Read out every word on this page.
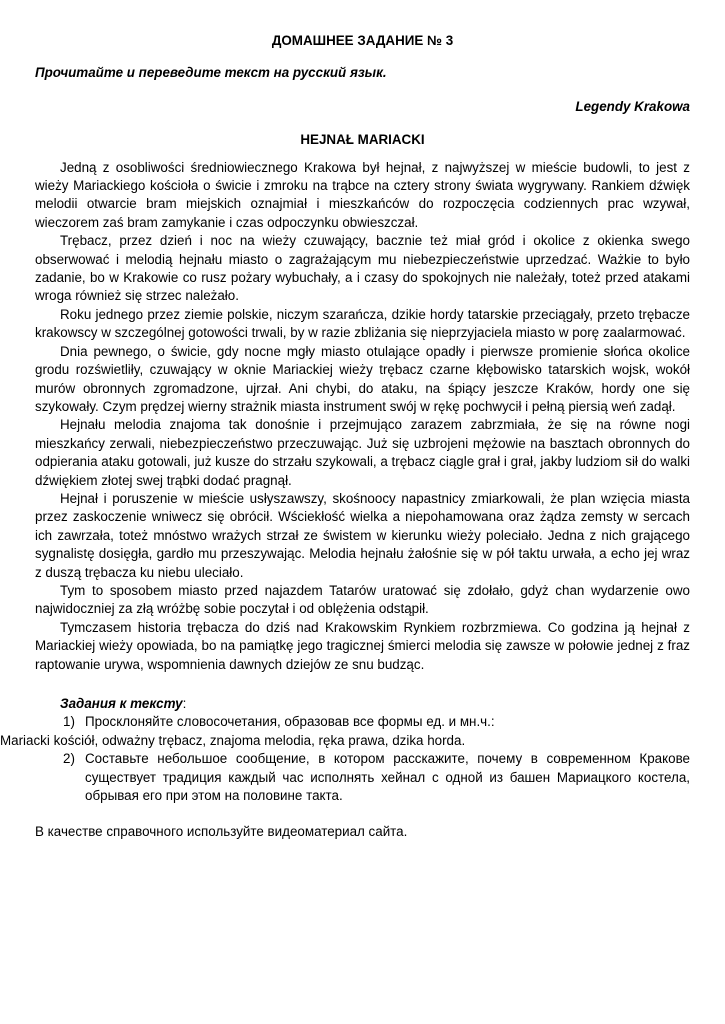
ДОМАШНЕЕ ЗАДАНИЕ № 3

Прочитайте и переведите текст на русский язык.

Legendy Krakowa

HEJNAŁ MARIACKI

Jedną z osobliwości średniowiecznego Krakowa był hejnał, z najwyższej w mieście budowli, to jest z wieży Mariackiego kościoła o świcie i zmroku na trąbce na cztery strony świata wygrywany. Rankiem dźwięk melodii otwarcie bram miejskich oznajmiał i mieszkańców do rozpoczęcia codziennych prac wzywał, wieczorem zaś bram zamykanie i czas odpoczynku obwieszczał.

Trębacz, przez dzień i noc na wieży czuwający, bacznie też miał gród i okolice z okienka swego obserwować i melodią hejnału miasto o zagrażającym mu niebezpieczeństwie uprzedzać. Ważkie to było zadanie, bo w Krakowie co rusz pożary wybuchały, a i czasy do spokojnych nie należały, toteż przed atakami wroga również się strzec należało.

Roku jednego przez ziemie polskie, niczym szarańcza, dzikie hordy tatarskie przeciągały, przeto trębacze krakowscy w szczególnej gotowości trwali, by w razie zbliżania się nieprzyjaciela miasto w porę zaalarmować.

Dnia pewnego, o świcie, gdy nocne mgły miasto otulające opadły i pierwsze promienie słońca okolice grodu rozświetliły, czuwający w oknie Mariackiej wieży trębacz czarne kłębowisko tatarskich wojsk, wokół murów obronnych zgromadzone, ujrzał. Ani chybi, do ataku, na śpiący jeszcze Kraków, hordy one się szykowały. Czym prędzej wierny strażnik miasta instrument swój w rękę pochwycił i pełną piersią weń zadął.

Hejnału melodia znajoma tak donośnie i przejmująco zarazem zabrzmiała, że się na równe nogi mieszkańcy zerwali, niebezpieczeństwo przeczuwając. Już się uzbrojeni mężowie na basztach obronnych do odpierania ataku gotowali, już kusze do strzału szykowali, a trębacz ciągle grał i grał, jakby ludziom sił do walki dźwiękiem złotej swej trąbki dodać pragnął.

Hejnał i poruszenie w mieście usłyszawszy, skośnoocy napastnicy zmiarkowali, że plan wzięcia miasta przez zaskoczenie wniwecz się obrócił. Wściekłość wielka a niepohamowana oraz żądza zemsty w sercach ich zawrzała, toteż mnóstwo wrażych strzał ze świstem w kierunku wieży poleciało. Jedna z nich grającego sygnalistę dosięgła, gardło mu przeszywając. Melodia hejnału żałośnie się w pół taktu urwała, a echo jej wraz z duszą trębacza ku niebu uleciało.

Tym to sposobem miasto przed najazdem Tatarów uratować się zdołało, gdyż chan wydarzenie owo najwidoczniej za złą wróżbę sobie poczytał i od oblężenia odstąpił.

Tymczasem historia trębacza do dziś nad Krakowskim Rynkiem rozbrzmiewa. Co godzina ją hejnał z Mariackiej wieży opowiada, bo na pamiątkę jego tragicznej śmierci melodia się zawsze w połowie jednej z fraz raptowanie urywa, wspomnienia dawnych dziejów ze snu budząc.

Задания к тексту:

1) Просклоняйте словосочетания, образовав все формы ед. и мн.ч.:

Mariacki kościół, odważny trębacz, znajoma melodia, ręka prawa, dzika horda.

2) Составьте небольшое сообщение, в котором расскажите, почему в современном Кракове существует традиция каждый час исполнять хейнал с одной из башен Мариацкого костела, обрывая его при этом на половине такта.

В качестве справочного используйте видеоматериал сайта.
